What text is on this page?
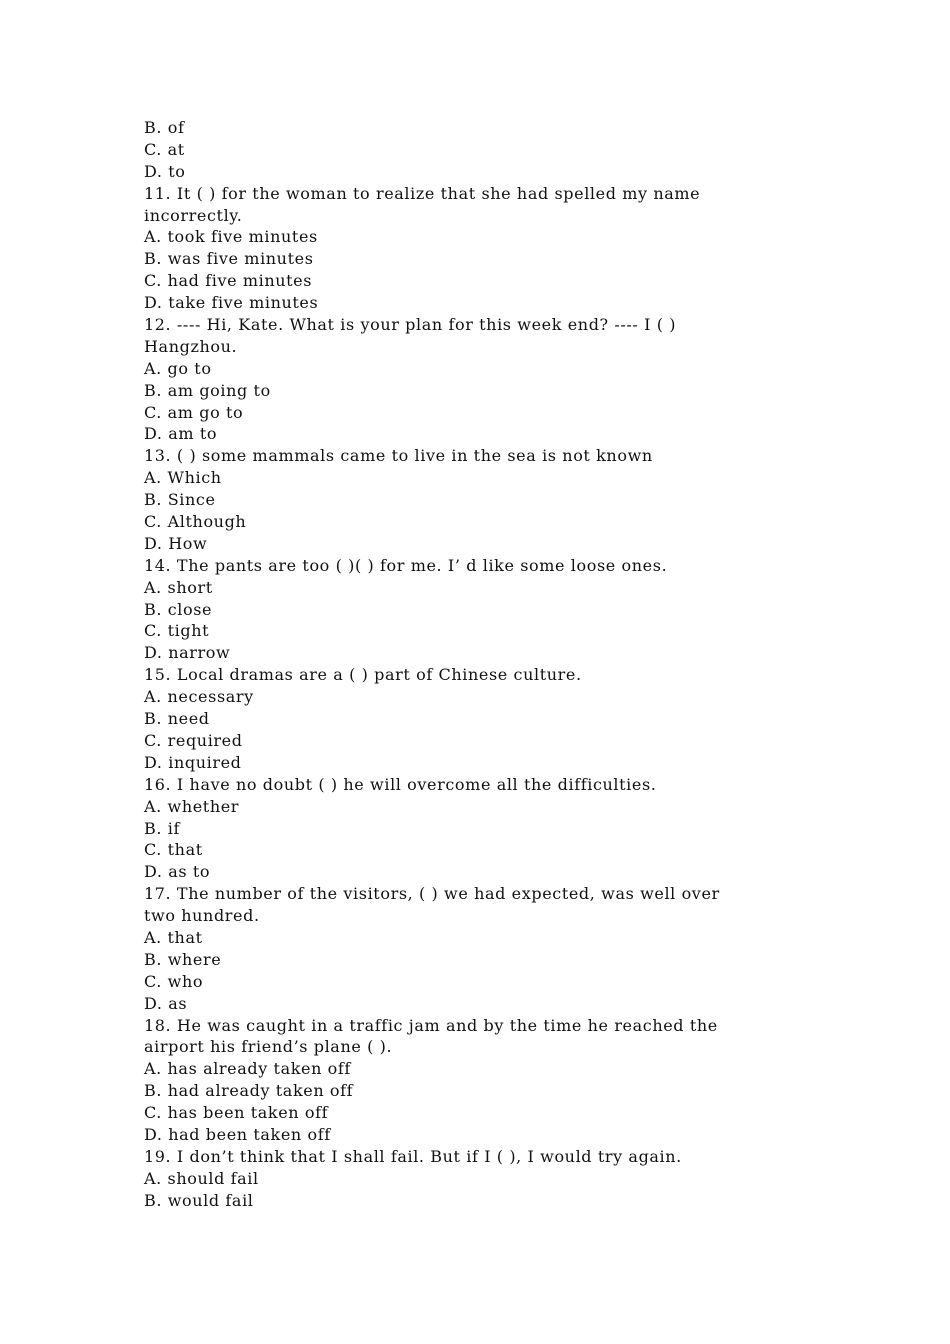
B. of

C. at

D. to

11. It ( ) for the woman to realize that she had spelled my name

incorrectly.

A. took five minutes

B. was five minutes

C. had five minutes

D. take five minutes

12. ---- Hi, Kate. What is your plan for this week end? ---- I ( )

Hangzhou.

A. go to

B. am going to

C. am go to

D. am to

13. ( ) some mammals came to live in the sea is not known

A. Which

B. Since

C. Although

D. How

14. The pants are too ( )( ) for me. I’ d like some loose ones.

A. short

B. close

C. tight

D. narrow

15. Local dramas are a ( ) part of Chinese culture.

A. necessary

B. need

C. required

D. inquired

16. I have no doubt ( ) he will overcome all the difficulties.

A. whether

B. if

C. that

D. as to

17. The number of the visitors, ( ) we had expected, was well over

two hundred.

A. that

B. where

C. who

D. as

18. He was caught in a traffic jam and by the time he reached the

airport his friend’s plane ( ).

A. has already taken off

B. had already taken off

C. has been taken off

D. had been taken off

19. I don’t think that I shall fail. But if I ( ), I would try again.

A. should fail

B. would fail
